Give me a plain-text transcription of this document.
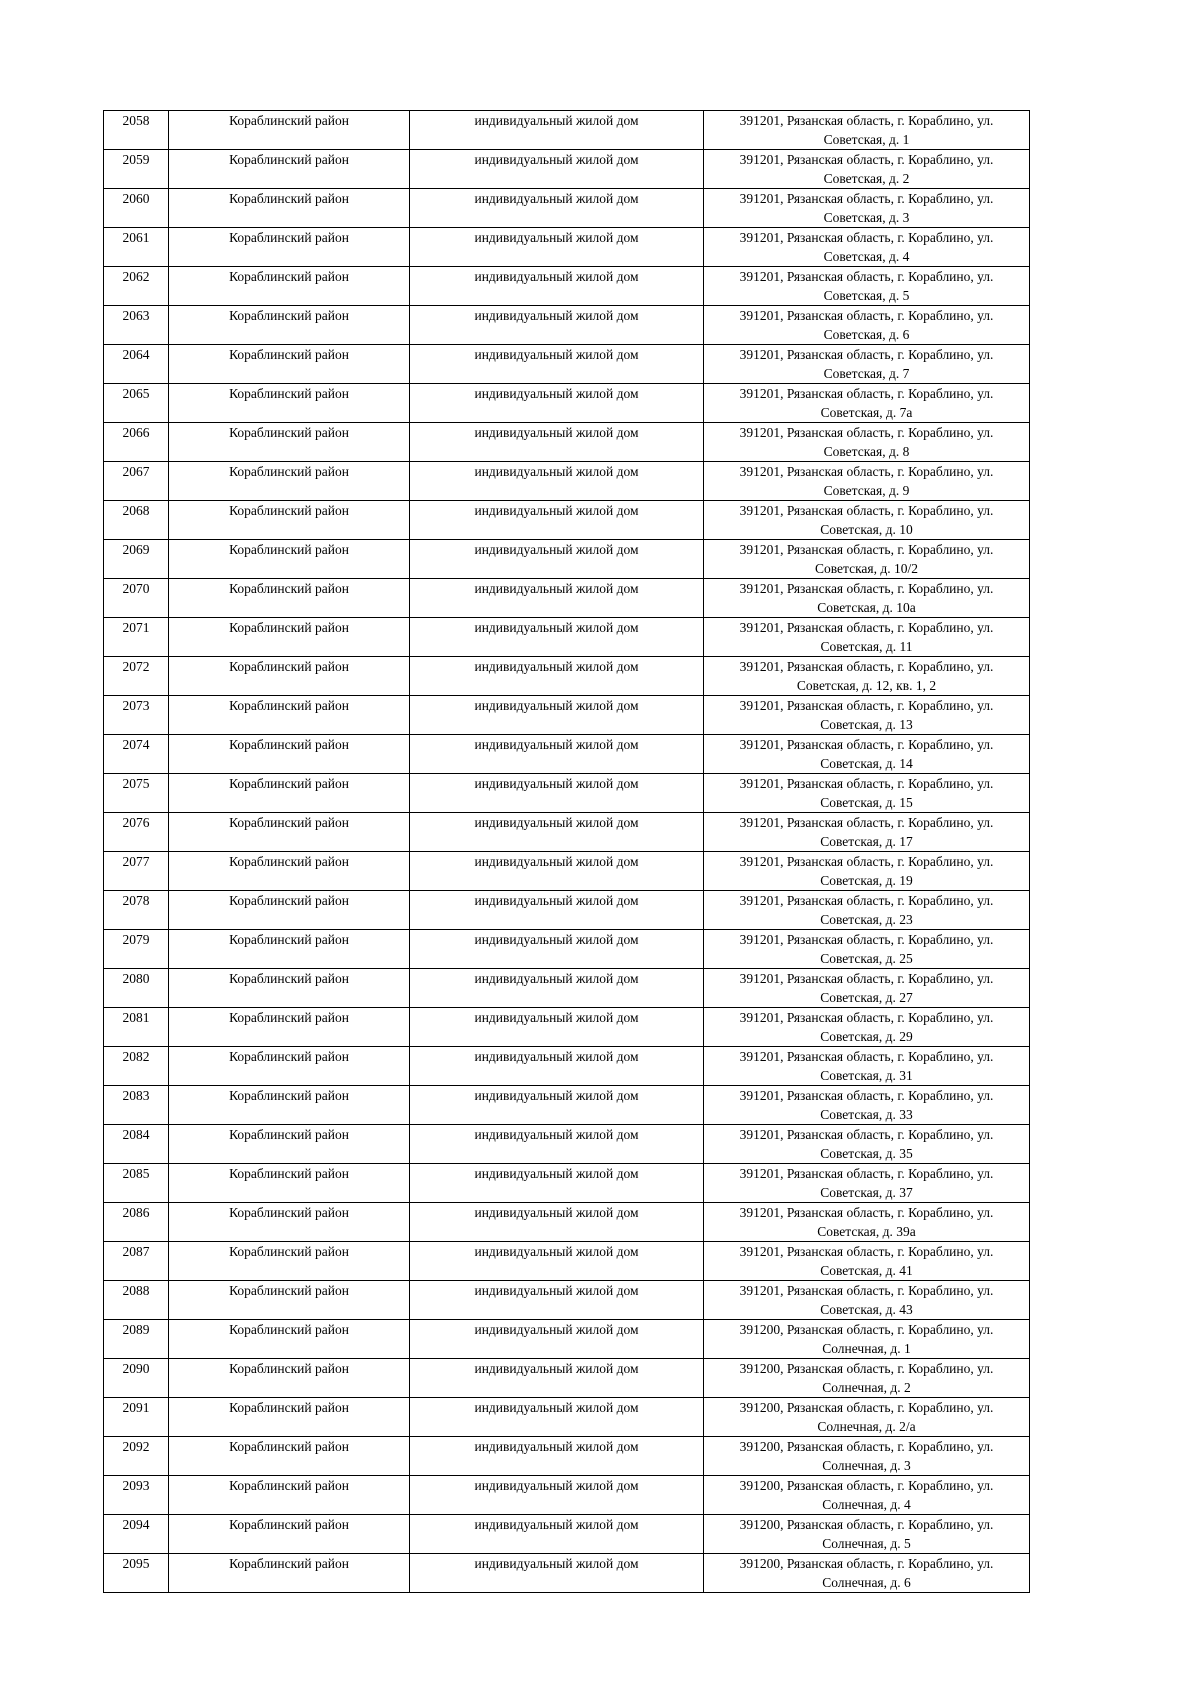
2058	Кораблинский район	индивидуальный жилой дом	391201, Рязанская область, г. Кораблино, ул.
Советская, д. 1

2059	Кораблинский район	индивидуальный жилой дом	391201, Рязанская область, г. Кораблино, ул.
Советская, д. 2

2060	Кораблинский район	индивидуальный жилой дом	391201, Рязанская область, г. Кораблино, ул.
Советская, д. 3

2061	Кораблинский район	индивидуальный жилой дом	391201, Рязанская область, г. Кораблино, ул.
Советская, д. 4

2062	Кораблинский район	индивидуальный жилой дом	391201, Рязанская область, г. Кораблино, ул.
Советская, д. 5

2063	Кораблинский район	индивидуальный жилой дом	391201, Рязанская область, г. Кораблино, ул.
Советская, д. 6

2064	Кораблинский район	индивидуальный жилой дом	391201, Рязанская область, г. Кораблино, ул.
Советская, д. 7

2065	Кораблинский район	индивидуальный жилой дом	391201, Рязанская область, г. Кораблино, ул.
Советская, д. 7а

2066	Кораблинский район	индивидуальный жилой дом	391201, Рязанская область, г. Кораблино, ул.
Советская, д. 8

2067	Кораблинский район	индивидуальный жилой дом	391201, Рязанская область, г. Кораблино, ул.
Советская, д. 9

2068	Кораблинский район	индивидуальный жилой дом	391201, Рязанская область, г. Кораблино, ул.
Советская, д. 10

2069	Кораблинский район	индивидуальный жилой дом	391201, Рязанская область, г. Кораблино, ул.
Советская, д. 10/2

2070	Кораблинский район	индивидуальный жилой дом	391201, Рязанская область, г. Кораблино, ул.
Советская, д. 10а

2071	Кораблинский район	индивидуальный жилой дом	391201, Рязанская область, г. Кораблино, ул.
Советская, д. 11

2072	Кораблинский район	индивидуальный жилой дом	391201, Рязанская область, г. Кораблино, ул.
Советская, д. 12, кв. 1, 2

2073	Кораблинский район	индивидуальный жилой дом	391201, Рязанская область, г. Кораблино, ул.
Советская, д. 13

2074	Кораблинский район	индивидуальный жилой дом	391201, Рязанская область, г. Кораблино, ул.
Советская, д. 14

2075	Кораблинский район	индивидуальный жилой дом	391201, Рязанская область, г. Кораблино, ул.
Советская, д. 15

2076	Кораблинский район	индивидуальный жилой дом	391201, Рязанская область, г. Кораблино, ул.
Советская, д. 17

2077	Кораблинский район	индивидуальный жилой дом	391201, Рязанская область, г. Кораблино, ул.
Советская, д. 19

2078	Кораблинский район	индивидуальный жилой дом	391201, Рязанская область, г. Кораблино, ул.
Советская, д. 23

2079	Кораблинский район	индивидуальный жилой дом	391201, Рязанская область, г. Кораблино, ул.
Советская, д. 25

2080	Кораблинский район	индивидуальный жилой дом	391201, Рязанская область, г. Кораблино, ул.
Советская, д. 27

2081	Кораблинский район	индивидуальный жилой дом	391201, Рязанская область, г. Кораблино, ул.
Советская, д. 29

2082	Кораблинский район	индивидуальный жилой дом	391201, Рязанская область, г. Кораблино, ул.
Советская, д. 31

2083	Кораблинский район	индивидуальный жилой дом	391201, Рязанская область, г. Кораблино, ул.
Советская, д. 33

2084	Кораблинский район	индивидуальный жилой дом	391201, Рязанская область, г. Кораблино, ул.
Советская, д. 35

2085	Кораблинский район	индивидуальный жилой дом	391201, Рязанская область, г. Кораблино, ул.
Советская, д. 37

2086	Кораблинский район	индивидуальный жилой дом	391201, Рязанская область, г. Кораблино, ул.
Советская, д. 39а

2087	Кораблинский район	индивидуальный жилой дом	391201, Рязанская область, г. Кораблино, ул.
Советская, д. 41

2088	Кораблинский район	индивидуальный жилой дом	391201, Рязанская область, г. Кораблино, ул.
Советская, д. 43

2089	Кораблинский район	индивидуальный жилой дом	391200, Рязанская область, г. Кораблино, ул.
Солнечная, д. 1

2090	Кораблинский район	индивидуальный жилой дом	391200, Рязанская область, г. Кораблино, ул.
Солнечная, д. 2

2091	Кораблинский район	индивидуальный жилой дом	391200, Рязанская область, г. Кораблино, ул.
Солнечная, д. 2/а

2092	Кораблинский район	индивидуальный жилой дом	391200, Рязанская область, г. Кораблино, ул.
Солнечная, д. 3

2093	Кораблинский район	индивидуальный жилой дом	391200, Рязанская область, г. Кораблино, ул.
Солнечная, д. 4

2094	Кораблинский район	индивидуальный жилой дом	391200, Рязанская область, г. Кораблино, ул.
Солнечная, д. 5

2095	Кораблинский район	индивидуальный жилой дом	391200, Рязанская область, г. Кораблино, ул.
Солнечная, д. 6
